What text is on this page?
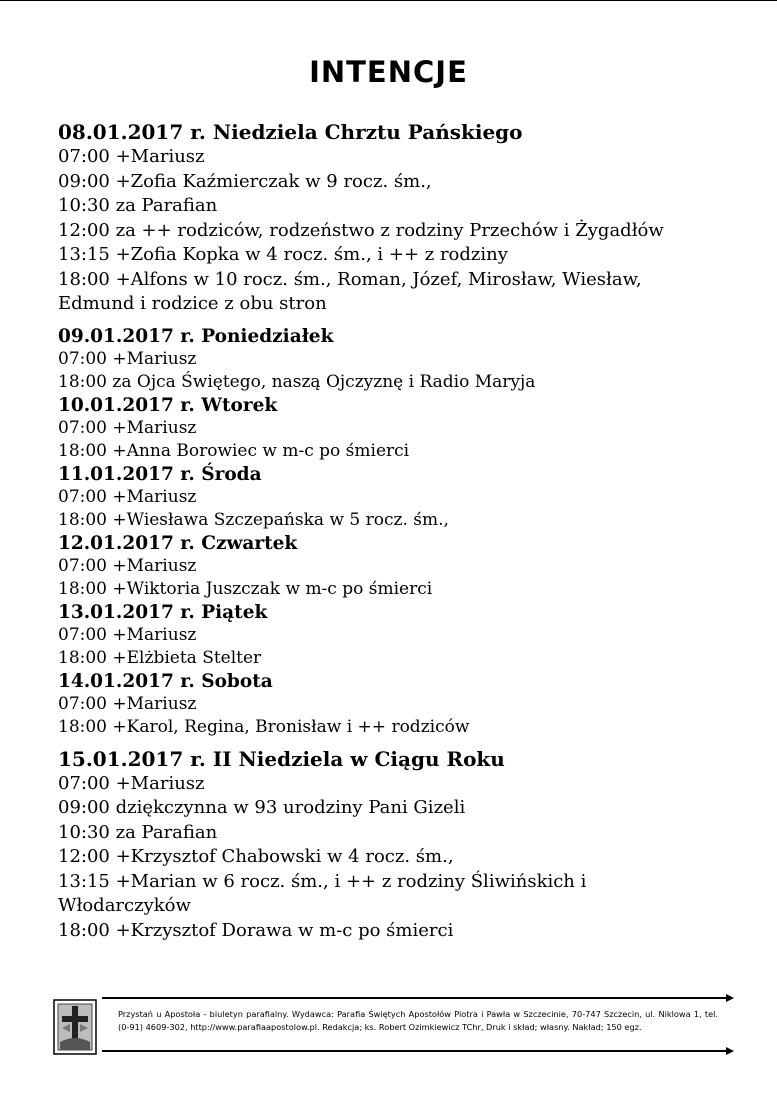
INTENCJE
08.01.2017 r. Niedziela Chrztu Pańskiego
07:00 +Mariusz
09:00 +Zofia Kaźmierczak w 9 rocz. śm.,
10:30 za Parafian
12:00 za ++ rodziców, rodzeństwo z rodziny Przechów i Żygadłów
13:15 +Zofia Kopka w 4 rocz. śm., i ++ z rodziny
18:00 +Alfons w 10 rocz. śm., Roman, Józef, Mirosław, Wiesław,
Edmund i rodzice z obu stron
09.01.2017 r. Poniedziałek
07:00 +Mariusz
18:00 za Ojca Świętego, naszą Ojczyznę i Radio Maryja
10.01.2017 r. Wtorek
07:00 +Mariusz
18:00 +Anna Borowiec w m-c po śmierci
11.01.2017 r. Środa
07:00 +Mariusz
18:00 +Wiesława Szczepańska w 5 rocz. śm.,
12.01.2017 r. Czwartek
07:00 +Mariusz
18:00 +Wiktoria Juszczak w m-c po śmierci
13.01.2017 r. Piątek
07:00 +Mariusz
18:00 +Elżbieta Stelter
14.01.2017 r. Sobota
07:00 +Mariusz
18:00 +Karol, Regina, Bronisław i ++ rodziców
15.01.2017 r. II Niedziela w Ciągu Roku
07:00 +Mariusz
09:00 dziękczynna w 93 urodziny Pani Gizeli
10:30 za Parafian
12:00 +Krzysztof Chabowski w 4 rocz. śm.,
13:15 +Marian w 6 rocz. śm., i ++ z rodziny Śliwińskich i
Włodarczyków
18:00 +Krzysztof Dorawa w m-c po śmierci
Przystań u Apostoła - biuletyn parafialny. Wydawca: Parafia Świętych Apostołów Piotra i Pawła w Szczecinie, 70-747 Szczecin, ul. Niklowa 1, tel. (0-91) 4609-302, http://www.parafiaapostolow.pl. Redakcja; ks. Robert Ozimkiewicz TChr, Druk i skład; własny. Nakład; 150 egz.
